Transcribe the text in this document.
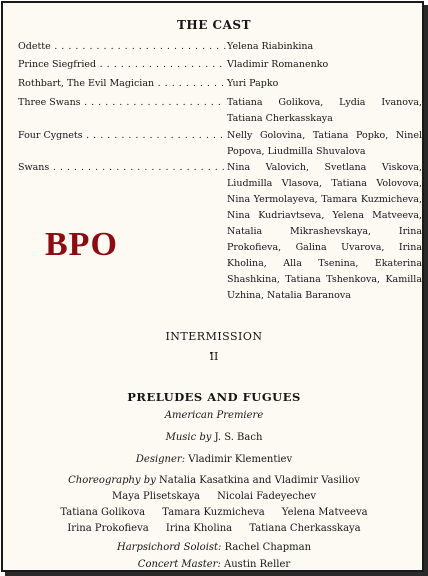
THE CAST
Odette . . .	Yelena Riabinkina
Prince Siegfried . . .	Vladimir Romanenko
Rothbart, The Evil Magician . . .	Yuri Papko
Three Swans . . .	Tatiana Golikova, Lydia Ivanova, Tatiana Cherkasskaya
Four Cygnets . . .	Nelly Golovina, Tatiana Popko, Ninel Popova, Liudmilla Shuvalova
Swans . . .	Nina Valovich, Svetlana Viskova, Liudmilla Vlasova, Tatiana Volovova, Nina Yermolayeva, Tamara Kuzmicheva, Nina Kudriavtseva, Yelena Matveeva, Natalia Mikrashevskaya, Irina Prokofieva, Galina Uvarova, Irina Kholina, Alla Tsenina, Ekaterina Shashkina, Tatiana Tshenkova, Kamilla Uzhina, Natalia Baranova
BPO
INTERMISSION
II
PRELUDES AND FUGUES
American Premiere
Music by J. S. Bach
Designer: Vladimir Klementiev
Choreography by Natalia Kasatkina and Vladimir Vasiliov
Maya Plisetskaya Nicolai Fadeyechev
Tatiana Golikova Tamara Kuzmicheva Yelena Matveeva
Irina Prokofieva Irina Kholina Tatiana Cherkasskaya
Harpsichord Soloist: Rachel Chapman
Concert Master: Austin Reller
